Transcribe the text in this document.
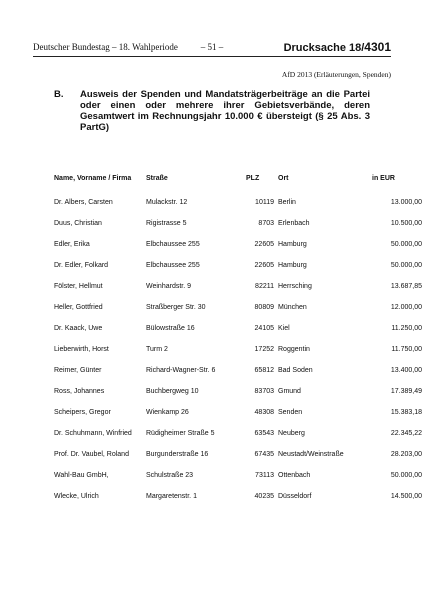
Deutscher Bundestag – 18. Wahlperiode	– 51 –	Drucksache 18/4301
AfD 2013 (Erläuterungen, Spenden)
B. Ausweis der Spenden und Mandatsträgerbeiträge an die Partei oder einen oder mehrere ihrer Gebietsverbände, deren Gesamtwert im Rechnungsjahr 10.000 € übersteigt (§ 25 Abs. 3 PartG)
Name, Vorname / Firma	Straße	PLZ	Ort	in EUR
Dr. Albers, Carsten	Mulackstr. 12	10119	Berlin	13.000,00
Duus, Christian	Rigistrasse 5	8703	Erlenbach	10.500,00
Edler, Erika	Elbchaussee 255	22605	Hamburg	50.000,00
Dr. Edler, Folkard	Elbchaussee 255	22605	Hamburg	50.000,00
Fölster, Hellmut	Weinhardstr. 9	82211	Herrsching	13.687,85
Heller, Gottfried	Straßberger Str. 30	80809	München	12.000,00
Dr. Kaack, Uwe	Bülowstraße 16	24105	Kiel	11.250,00
Lieberwirth, Horst	Turm 2	17252	Roggentin	11.750,00
Reimer, Günter	Richard-Wagner-Str. 6	65812	Bad Soden	13.400,00
Ross, Johannes	Buchbergweg 10	83703	Gmund	17.389,49
Scheipers, Gregor	Wienkamp 26	48308	Senden	15.383,18
Dr. Schuhmann, Winfried	Rüdigheimer Straße 5	63543	Neuberg	22.345,22
Prof. Dr. Vaubel, Roland	Burgunderstraße 16	67435	Neustadt/Weinstraße	28.203,00
Wahl-Bau GmbH,	Schulstraße 23	73113	Ottenbach	50.000,00
Wlecke, Ulrich	Margaretenstr. 1	40235	Düsseldorf	14.500,00
